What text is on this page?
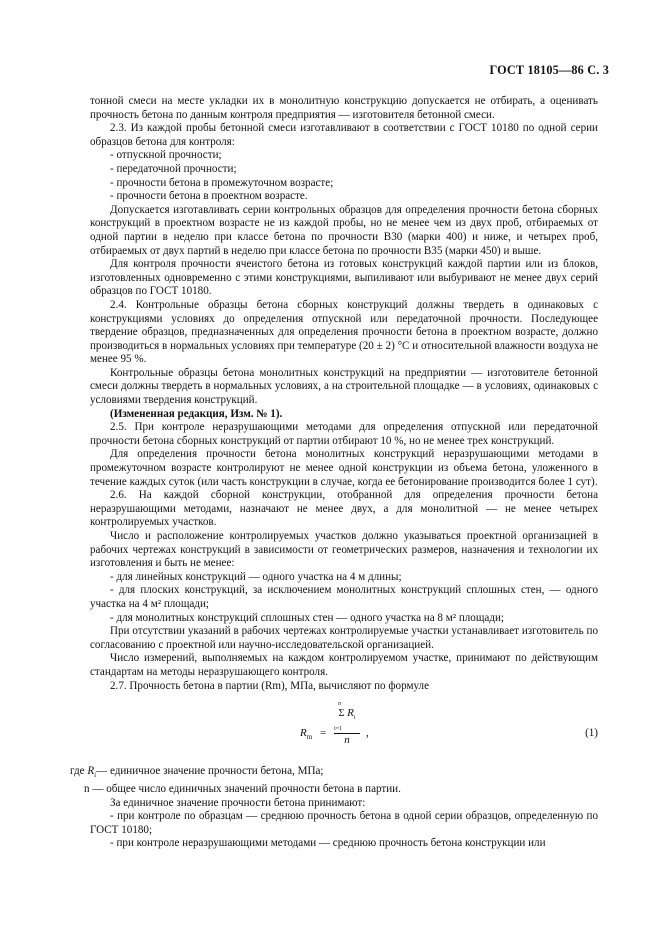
ГОСТ 18105—86 С. 3

тонной смеси на месте укладки их в монолитную конструкцию допускается не отбирать, а оценивать прочность бетона по данным контроля предприятия — изготовителя бетонной смеси.

2.3. Из каждой пробы бетонной смеси изготавливают в соответствии с ГОСТ 10180 по одной серии образцов бетона для контроля:

- отпускной прочности;

- передаточной прочности;

- прочности бетона в промежуточном возрасте;

- прочности бетона в проектном возрасте.

Допускается изготавливать серии контрольных образцов для определения прочности бетона сборных конструкций в проектном возрасте не из каждой пробы, но не менее чем из двух проб, отбираемых от одной партии в неделю при классе бетона по прочности В30 (марки 400) и ниже, и четырех проб, отбираемых от двух партий в неделю при классе бетона по прочности В35 (марки 450) и выше.

Для контроля прочности ячеистого бетона из готовых конструкций каждой партии или из блоков, изготовленных одновременно с этими конструкциями, выпиливают или выбуривают не менее двух серий образцов по ГОСТ 10180.

2.4. Контрольные образцы бетона сборных конструкций должны твердеть в одинаковых с конструкциями условиях до определения отпускной или передаточной прочности. Последующее твердение образцов, предназначенных для определения прочности бетона в проектном возрасте, должно производиться в нормальных условиях при температуре (20 ± 2) °С и относительной влажности воздуха не менее 95 %.

Контрольные образцы бетона монолитных конструкций на предприятии — изготовителе бетонной смеси должны твердеть в нормальных условиях, а на строительной площадке — в условиях, одинаковых с условиями твердения конструкций.

(Измененная редакция, Изм. № 1).

2.5. При контроле неразрушающими методами для определения отпускной или передаточной прочности бетона сборных конструкций от партии отбирают 10 %, но не менее трех конструкций.

Для определения прочности бетона монолитных конструкций неразрушающими методами в промежуточном возрасте контролируют не менее одной конструкции из объема бетона, уложенного в течение каждых суток (или часть конструкции в случае, когда ее бетонирование производится более 1 сут).

2.6. На каждой сборной конструкции, отобранной для определения прочности бетона неразрушающими методами, назначают не менее двух, а для монолитной — не менее четырех контролируемых участков.

Число и расположение контролируемых участков должно указываться проектной организацией в рабочих чертежах конструкций в зависимости от геометрических размеров, назначения и технологии их изготовления и быть не менее:

- для линейных конструкций — одного участка на 4 м длины;

- для плоских конструкций, за исключением монолитных конструкций сплошных стен, — одного участка на 4 м² площади;

- для монолитных конструкций сплошных стен — одного участка на 8 м² площади;

При отсутствии указаний в рабочих чертежах контролируемые участки устанавливает изготовитель по согласованию с проектной или научно-исследовательской организацией.

Число измерений, выполняемых на каждом контролируемом участке, принимают по действующим стандартам на методы неразрушающего контроля.

2.7. Прочность бетона в партии (Rm), МПа, вычисляют по формуле

$R_m$ =
n
Σ $R_i$
i=1
n
,	(1)

где $R_i—$ единичное значение прочности бетона, МПа;

n — общее число единичных значений прочности бетона в партии.

За единичное значение прочности бетона принимают:

- при контроле по образцам — среднюю прочность бетона в одной серии образцов, определенную по ГОСТ 10180;

- при контроле неразрушающими методами — среднюю прочность бетона конструкции или
